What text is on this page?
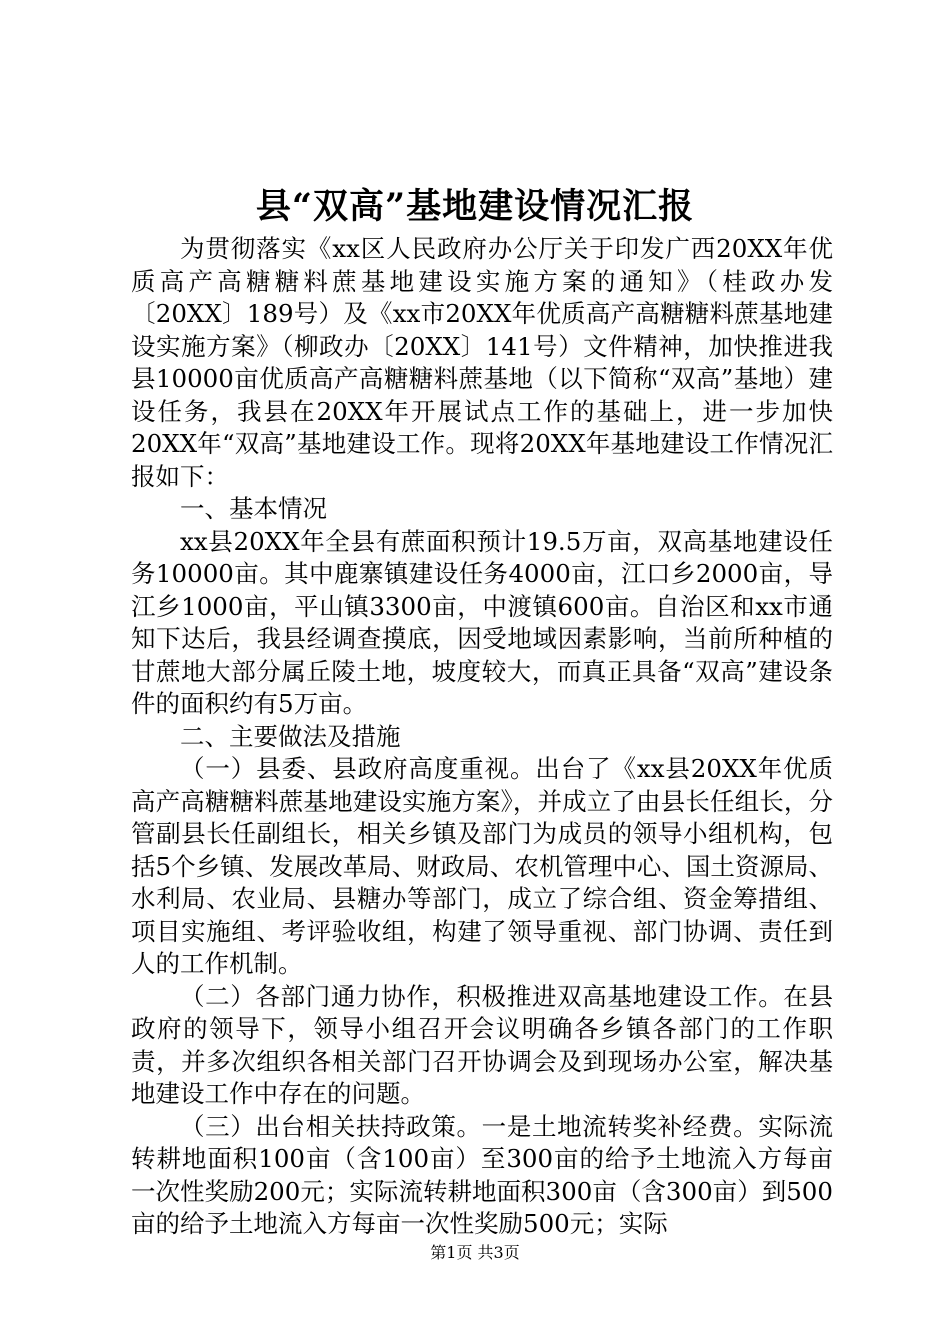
县“双高”基地建设情况汇报

为贯彻落实《xx区人民政府办公厅关于印发广西20XX年优质高产高糖糖料蔗基地建设实施方案的通知》（桂政办发〔20XX〕189号）及《xx市20XX年优质高产高糖糖料蔗基地建设实施方案》（柳政办〔20XX〕141号）文件精神，加快推进我县10000亩优质高产高糖糖料蔗基地（以下简称“双高”基地）建设任务，我县在20XX年开展试点工作的基础上，进一步加快20XX年“双高”基地建设工作。现将20XX年基地建设工作情况汇报如下：

一、基本情况

xx县20XX年全县有蔗面积预计19.5万亩，双高基地建设任务10000亩。其中鹿寨镇建设任务4000亩，江口乡2000亩，导江乡1000亩，平山镇3300亩，中渡镇600亩。自治区和xx市通知下达后，我县经调查摸底，因受地域因素影响，当前所种植的甘蔗地大部分属丘陵土地，坡度较大，而真正具备“双高”建设条件的面积约有5万亩。

二、主要做法及措施

（一）县委、县政府高度重视。出台了《xx县20XX年优质高产高糖糖料蔗基地建设实施方案》，并成立了由县长任组长，分管副县长任副组长，相关乡镇及部门为成员的领导小组机构，包括5个乡镇、发展改革局、财政局、农机管理中心、国土资源局、水利局、农业局、县糖办等部门，成立了综合组、资金筹措组、项目实施组、考评验收组，构建了领导重视、部门协调、责任到人的工作机制。

（二）各部门通力协作，积极推进双高基地建设工作。在县政府的领导下，领导小组召开会议明确各乡镇各部门的工作职责，并多次组织各相关部门召开协调会及到现场办公室，解决基地建设工作中存在的问题。

（三）出台相关扶持政策。一是土地流转奖补经费。实际流转耕地面积100亩（含100亩）至300亩的给予土地流入方每亩一次性奖励200元；实际流转耕地面积300亩（含300亩）到500亩的给予土地流入方每亩一次性奖励500元；实际

第1页 共3页
